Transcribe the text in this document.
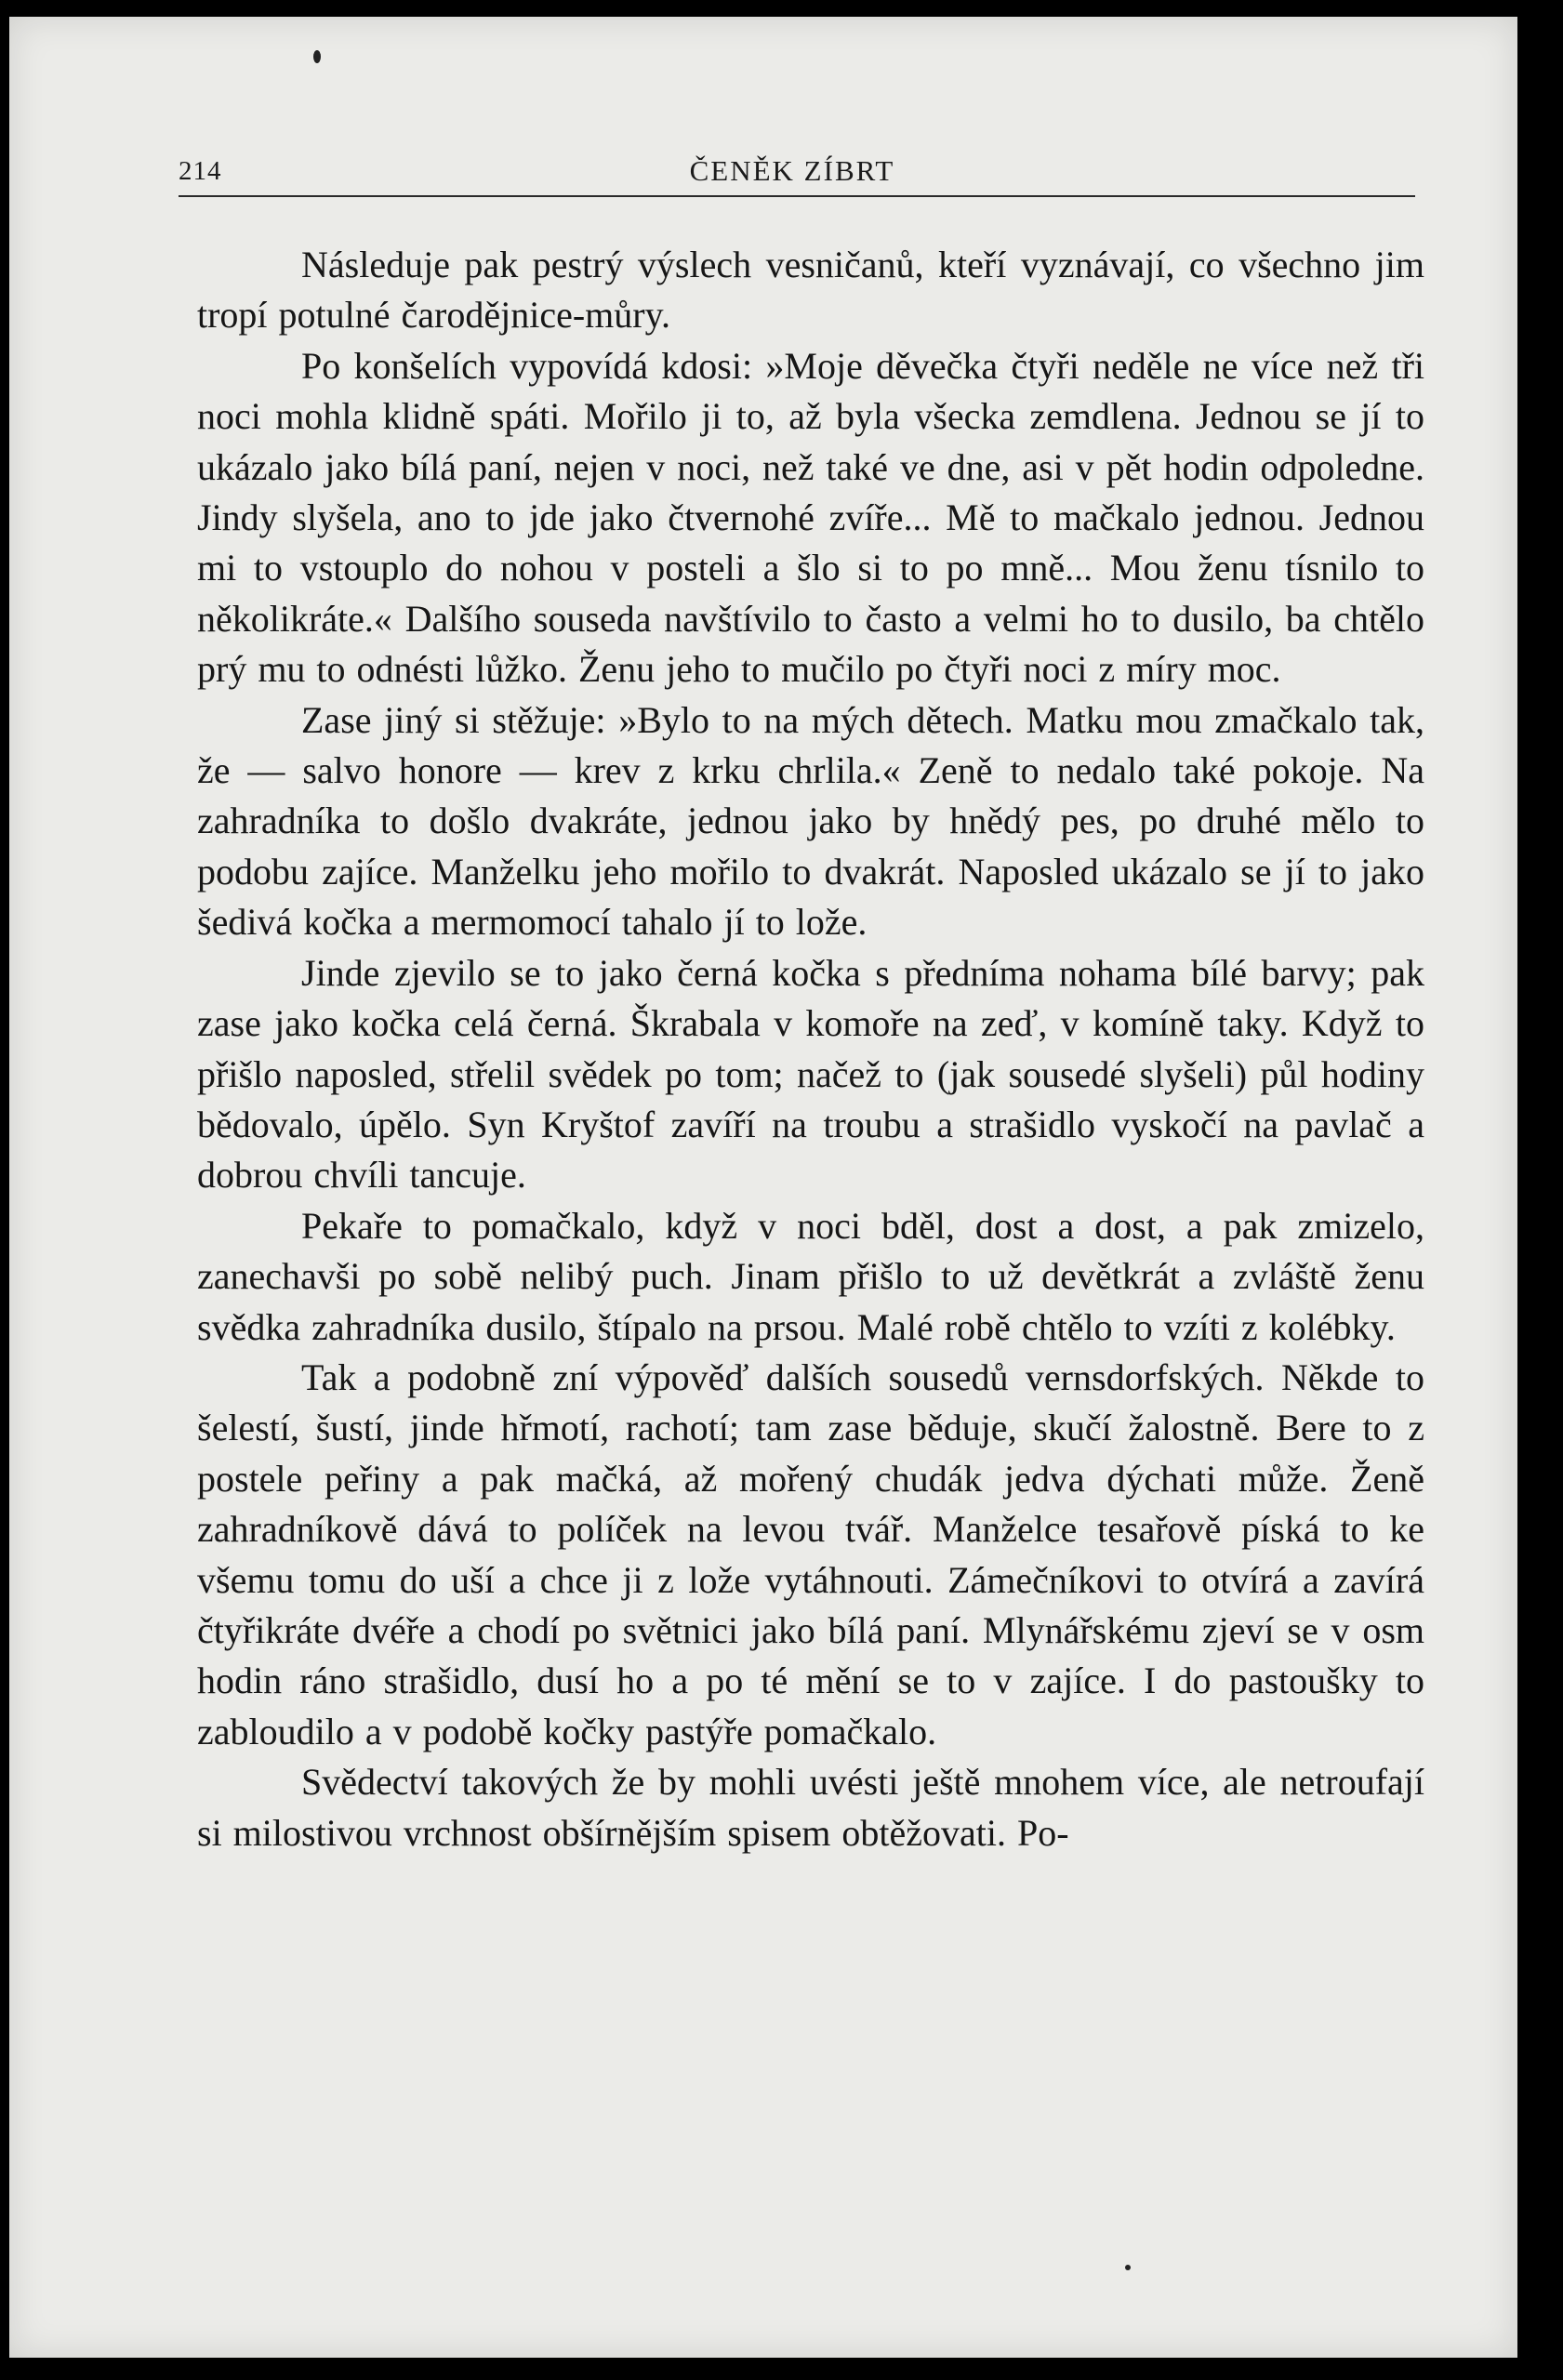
214	ČENĚK ZÍBRT

Následuje pak pestrý výslech vesničanů, kteří vyznávají, co všechno jim tropí potulné čarodějnice-můry.

Po konšelích vypovídá kdosi: »Moje děvečka čtyři neděle ne více než tři noci mohla klidně spáti. Mořilo ji to, až byla všecka zemdlena. Jednou se jí to ukázalo jako bílá paní, nejen v noci, než také ve dne, asi v pět hodin odpoledne. Jindy slyšela, ano to jde jako čtvernohé zvíře... Mě to mačkalo jednou. Jednou mi to vstouplo do nohou v posteli a šlo si to po mně... Mou ženu tísnilo to několikráte.« Dalšího souseda navštívilo to často a velmi ho to dusilo, ba chtělo prý mu to odnésti lůžko. Ženu jeho to mučilo po čtyři noci z míry moc.

Zase jiný si stěžuje: »Bylo to na mých dětech. Matku mou zmačkalo tak, že — salvo honore — krev z krku chrlila.« Zeně to nedalo také pokoje. Na zahradníka to došlo dvakráte, jednou jako by hnědý pes, po druhé mělo to podobu zajíce. Manželku jeho mořilo to dvakrát. Naposled ukázalo se jí to jako šedivá kočka a mermomocí tahalo jí to lože.

Jinde zjevilo se to jako černá kočka s předníma nohama bílé barvy; pak zase jako kočka celá černá. Škrabala v komoře na zeď, v komíně taky. Když to přišlo naposled, střelil svědek po tom; načež to (jak sousedé slyšeli) půl hodiny bědovalo, úpělo. Syn Kryštof zavíří na troubu a strašidlo vyskočí na pavlač a dobrou chvíli tancuje.

Pekaře to pomačkalo, když v noci bděl, dost a dost, a pak zmizelo, zanechavši po sobě nelibý puch. Jinam přišlo to už devětkrát a zvláště ženu svědka zahradníka dusilo, štípalo na prsou. Malé robě chtělo to vzíti z kolébky.

Tak a podobně zní výpověď dalších sousedů vernsdorfských. Někde to šelestí, šustí, jinde hřmotí, rachotí; tam zase běduje, skučí žalostně. Bere to z postele peřiny a pak mačká, až mořený chudák jedva dýchati může. Ženě zahradníkově dává to políček na levou tvář. Manželce tesařově píská to ke všemu tomu do uší a chce ji z lože vytáhnouti. Zámečníkovi to otvírá a zavírá čtyřikráte dvéře a chodí po světnici jako bílá paní. Mlynářskému zjeví se v osm hodin ráno strašidlo, dusí ho a po té mění se to v zajíce. I do pastoušky to zabloudilo a v podobě kočky pastýře pomačkalo.

Svědectví takových že by mohli uvésti ještě mnohem více, ale netroufají si milostivou vrchnost obšírnějším spisem obtěžovati. Po-
